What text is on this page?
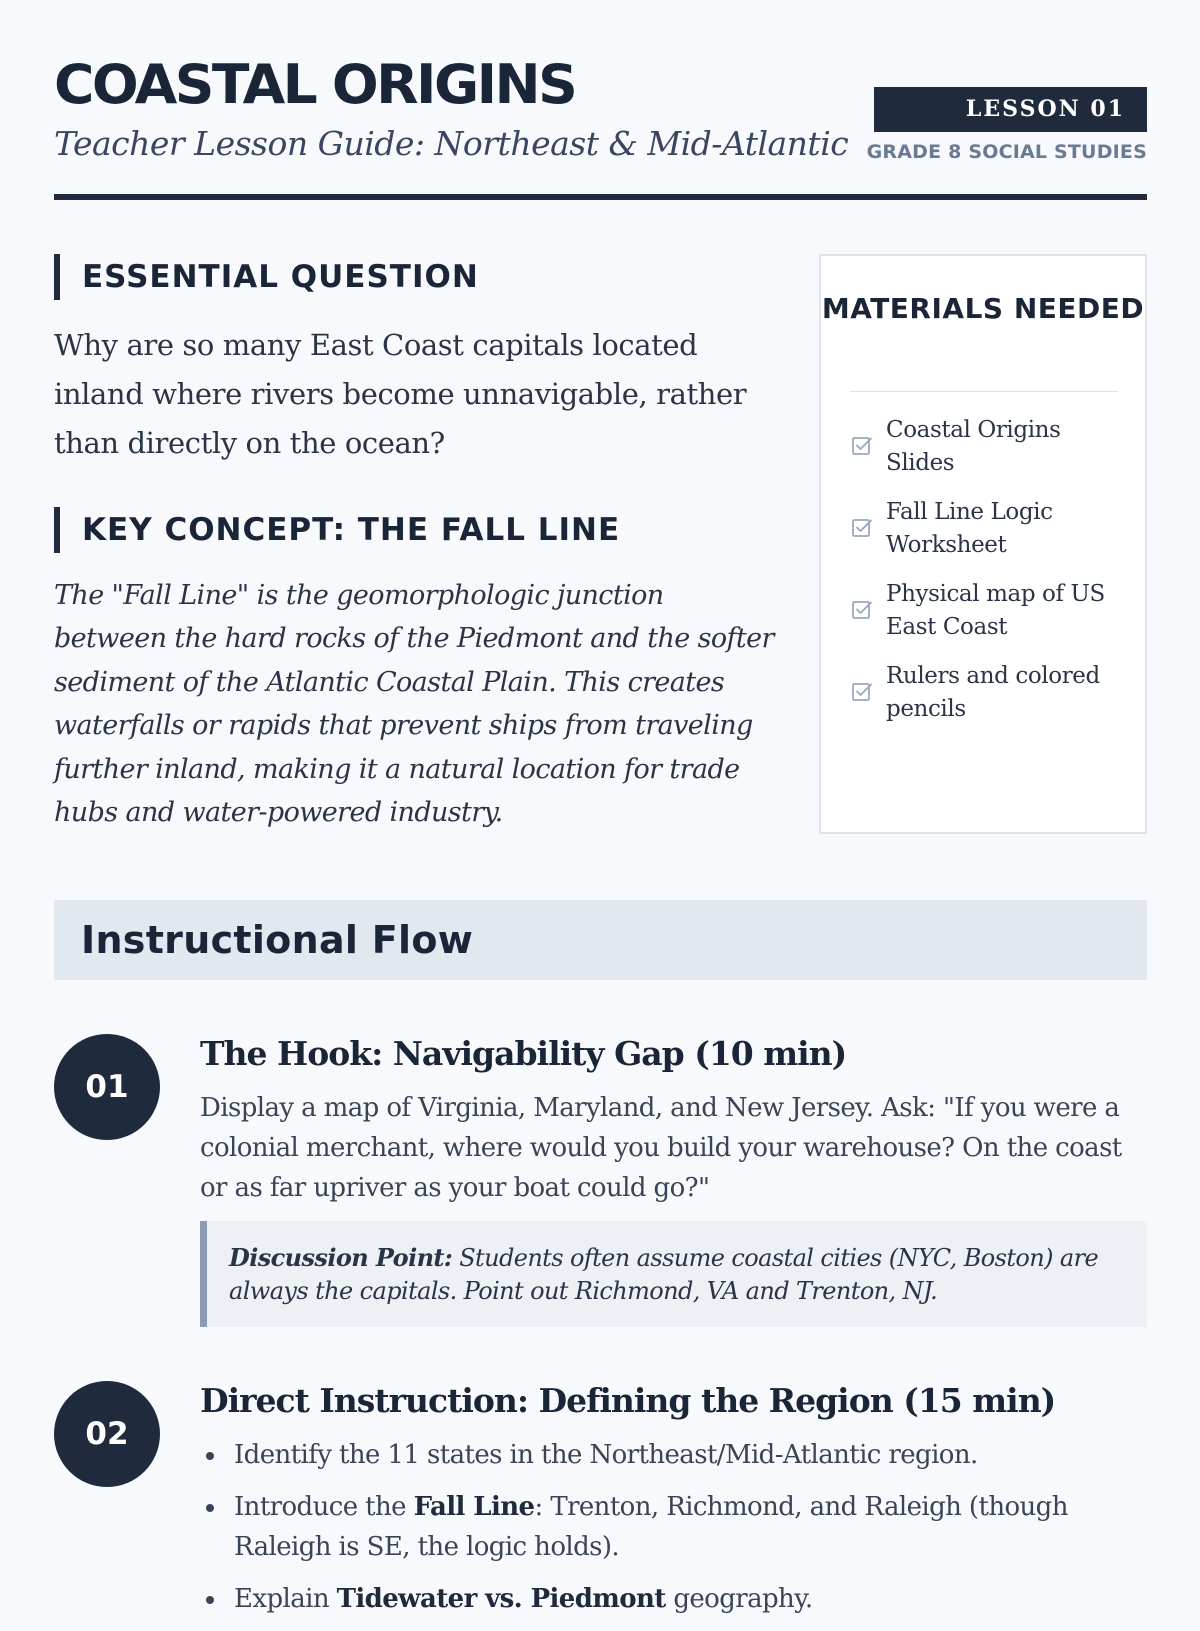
COASTAL ORIGINS
Teacher Lesson Guide: Northeast & Mid-Atlantic
LESSON 01
GRADE 8 SOCIAL STUDIES
ESSENTIAL QUESTION

Why are so many East Coast capitals located inland where rivers become unnavigable, rather than directly on the ocean?

KEY CONCEPT: THE FALL LINE

The "Fall Line" is the geomorphologic junction between the hard rocks of the Piedmont and the softer sediment of the Atlantic Coastal Plain. This creates waterfalls or rapids that prevent ships from traveling further inland, making it a natural location for trade hubs and water-powered industry.

MATERIALS NEEDED
Coastal Origins Slides
Fall Line Logic Worksheet
Physical map of US East Coast
Rulers and colored pencils
Instructional Flow
01
The Hook: Navigability Gap (10 min)

Display a map of Virginia, Maryland, and New Jersey. Ask: "If you were a colonial merchant, where would you build your warehouse? On the coast or as far upriver as your boat could go?"

Discussion Point: Students often assume coastal cities (NYC, Boston) are always the capitals. Point out Richmond, VA and Trenton, NJ.
02
Direct Instruction: Defining the Region (15 min)
Identify the 11 states in the Northeast/Mid-Atlantic region.
Introduce the Fall Line: Trenton, Richmond, and Raleigh (though Raleigh is SE, the logic holds).
Explain Tidewater vs. Piedmont geography.
